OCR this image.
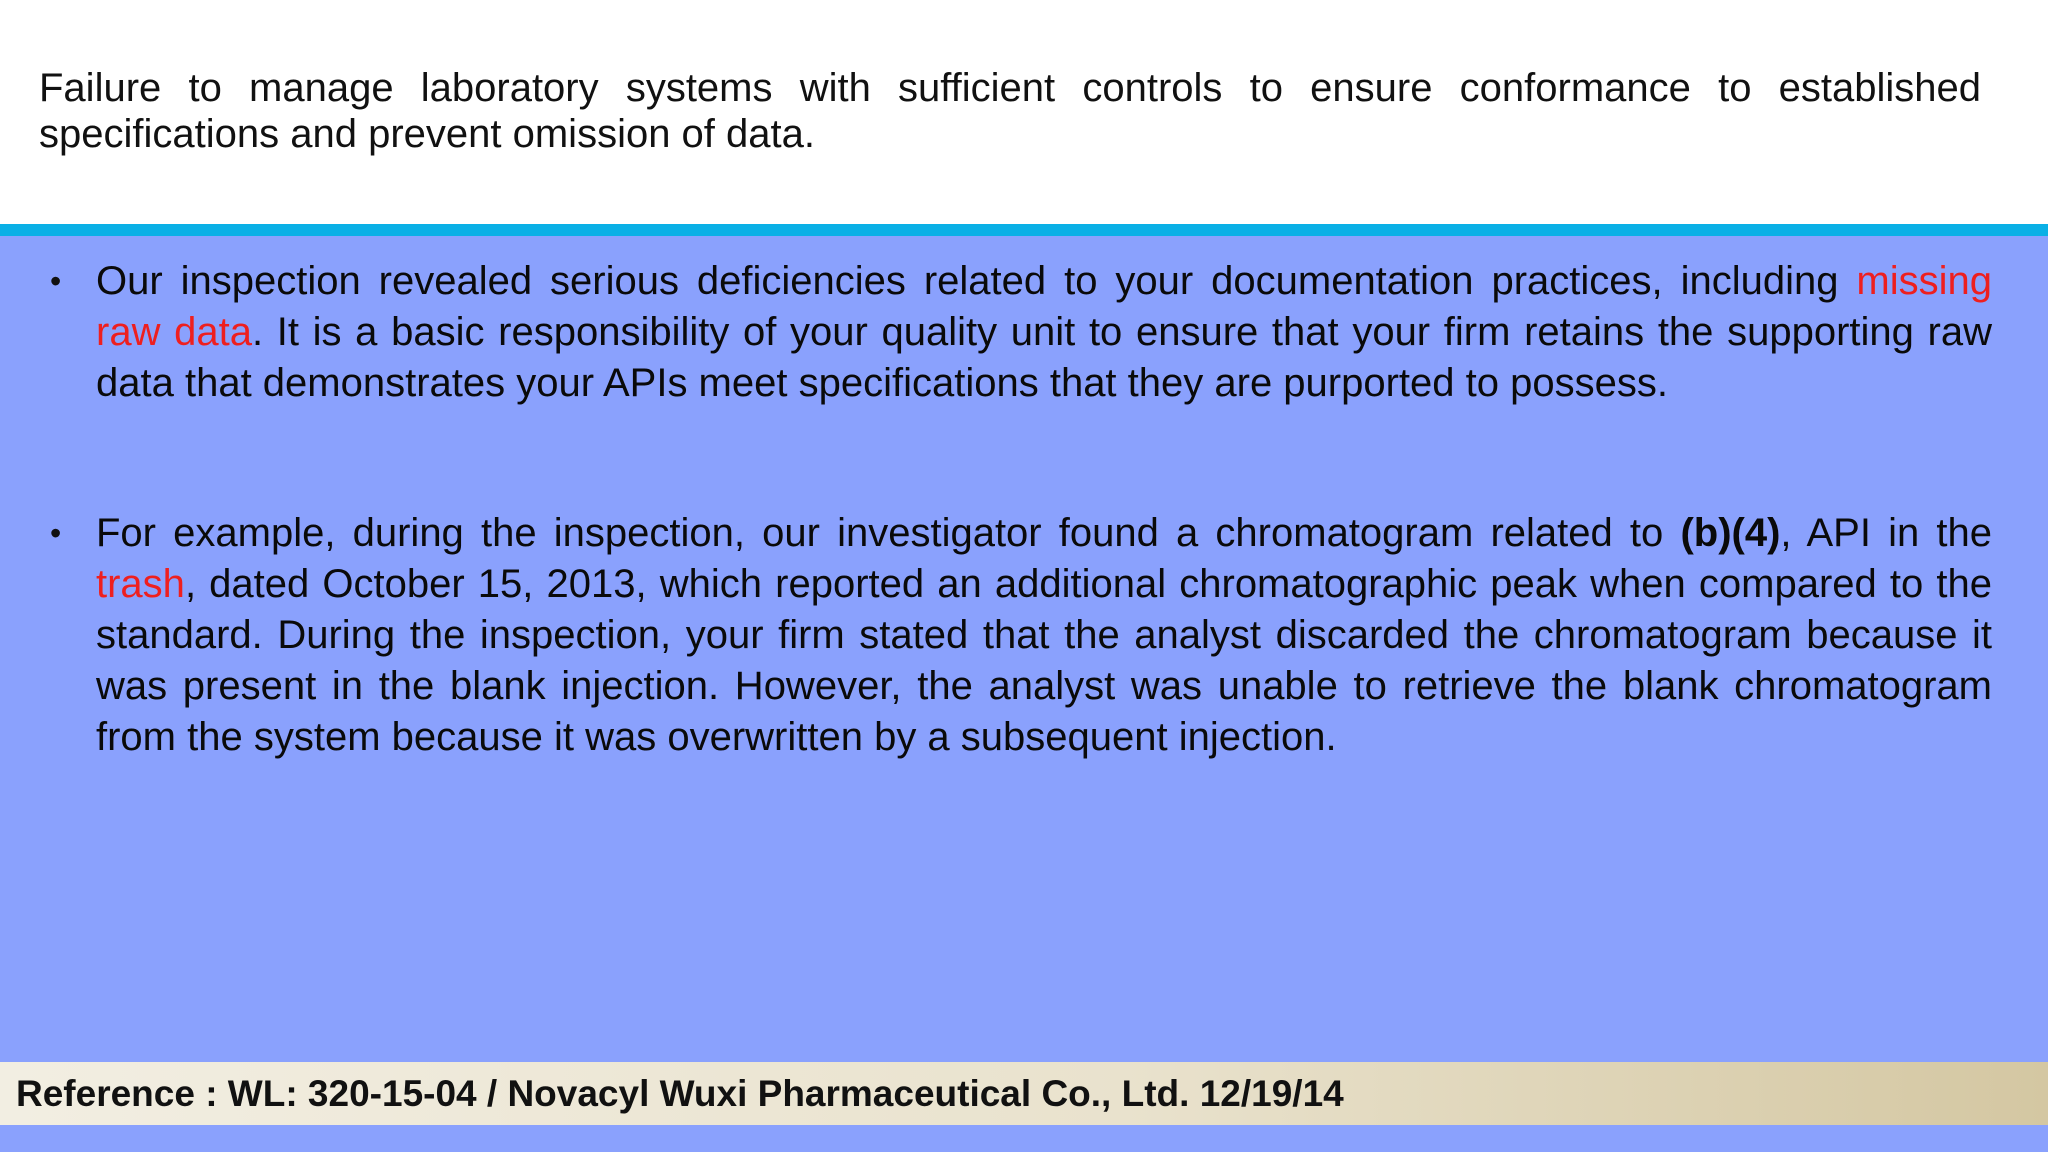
Failure to manage laboratory systems with sufficient controls to ensure conformance to established specifications and prevent omission of data.
• Our inspection revealed serious deficiencies related to your documentation practices, including missing raw data. It is a basic responsibility of your quality unit to ensure that your firm retains the supporting raw data that demonstrates your APIs meet specifications that they are purported to possess.
• For example, during the inspection, our investigator found a chromatogram related to (b)(4), API in the trash, dated October 15, 2013, which reported an additional chromatographic peak when compared to the standard. During the inspection, your firm stated that the analyst discarded the chromatogram because it was present in the blank injection. However, the analyst was unable to retrieve the blank chromatogram from the system because it was overwritten by a subsequent injection.
Reference : WL: 320-15-04 / Novacyl Wuxi Pharmaceutical Co., Ltd. 12/19/14
